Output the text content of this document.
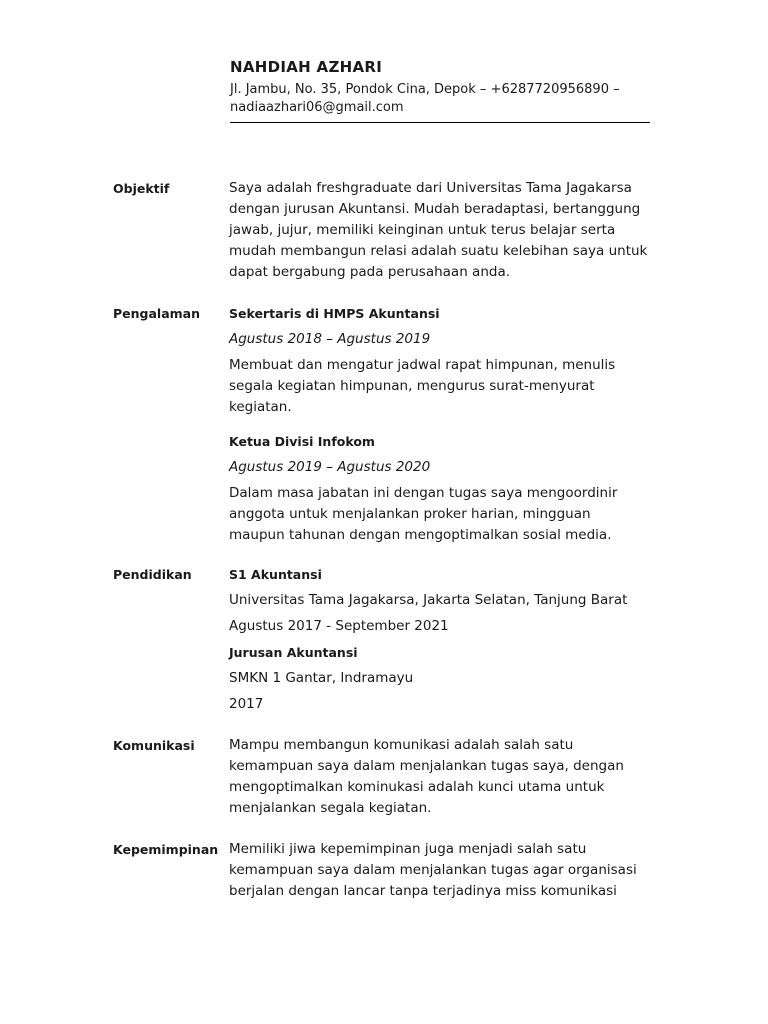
NAHDIAH AZHARI

Jl. Jambu, No. 35, Pondok Cina, Depok – +6287720956890 –

nadiaazhari06@gmail.com

Objektif	Saya adalah freshgraduate dari Universitas Tama Jagakarsa dengan jurusan Akuntansi. Mudah beradaptasi, bertanggung jawab, jujur, memiliki keinginan untuk terus belajar serta mudah membangun relasi adalah suatu kelebihan saya untuk dapat bergabung pada perusahaan anda.

Pengalaman Sekertaris di HMPS Akuntansi

Agustus 2018 – Agustus 2019

Membuat dan mengatur jadwal rapat himpunan, menulis segala kegiatan himpunan, mengurus surat-menyurat kegiatan.

Ketua Divisi Infokom

Agustus 2019 – Agustus 2020

Dalam masa jabatan ini dengan tugas saya mengoordinir anggota untuk menjalankan proker harian, mingguan maupun tahunan dengan mengoptimalkan sosial media.

Pendidikan	S1 Akuntansi

Universitas Tama Jagakarsa, Jakarta Selatan, Tanjung Barat

Agustus 2017 - September 2021

Jurusan Akuntansi

SMKN 1 Gantar, Indramayu

2017

Komunikasi	Mampu membangun komunikasi adalah salah satu kemampuan saya dalam menjalankan tugas saya, dengan mengoptimalkan kominukasi adalah kunci utama untuk menjalankan segala kegiatan.

Kepemimpinan Memiliki jiwa kepemimpinan juga menjadi salah satu kemampuan saya dalam menjalankan tugas agar organisasi berjalan dengan lancar tanpa terjadinya miss komunikasi
